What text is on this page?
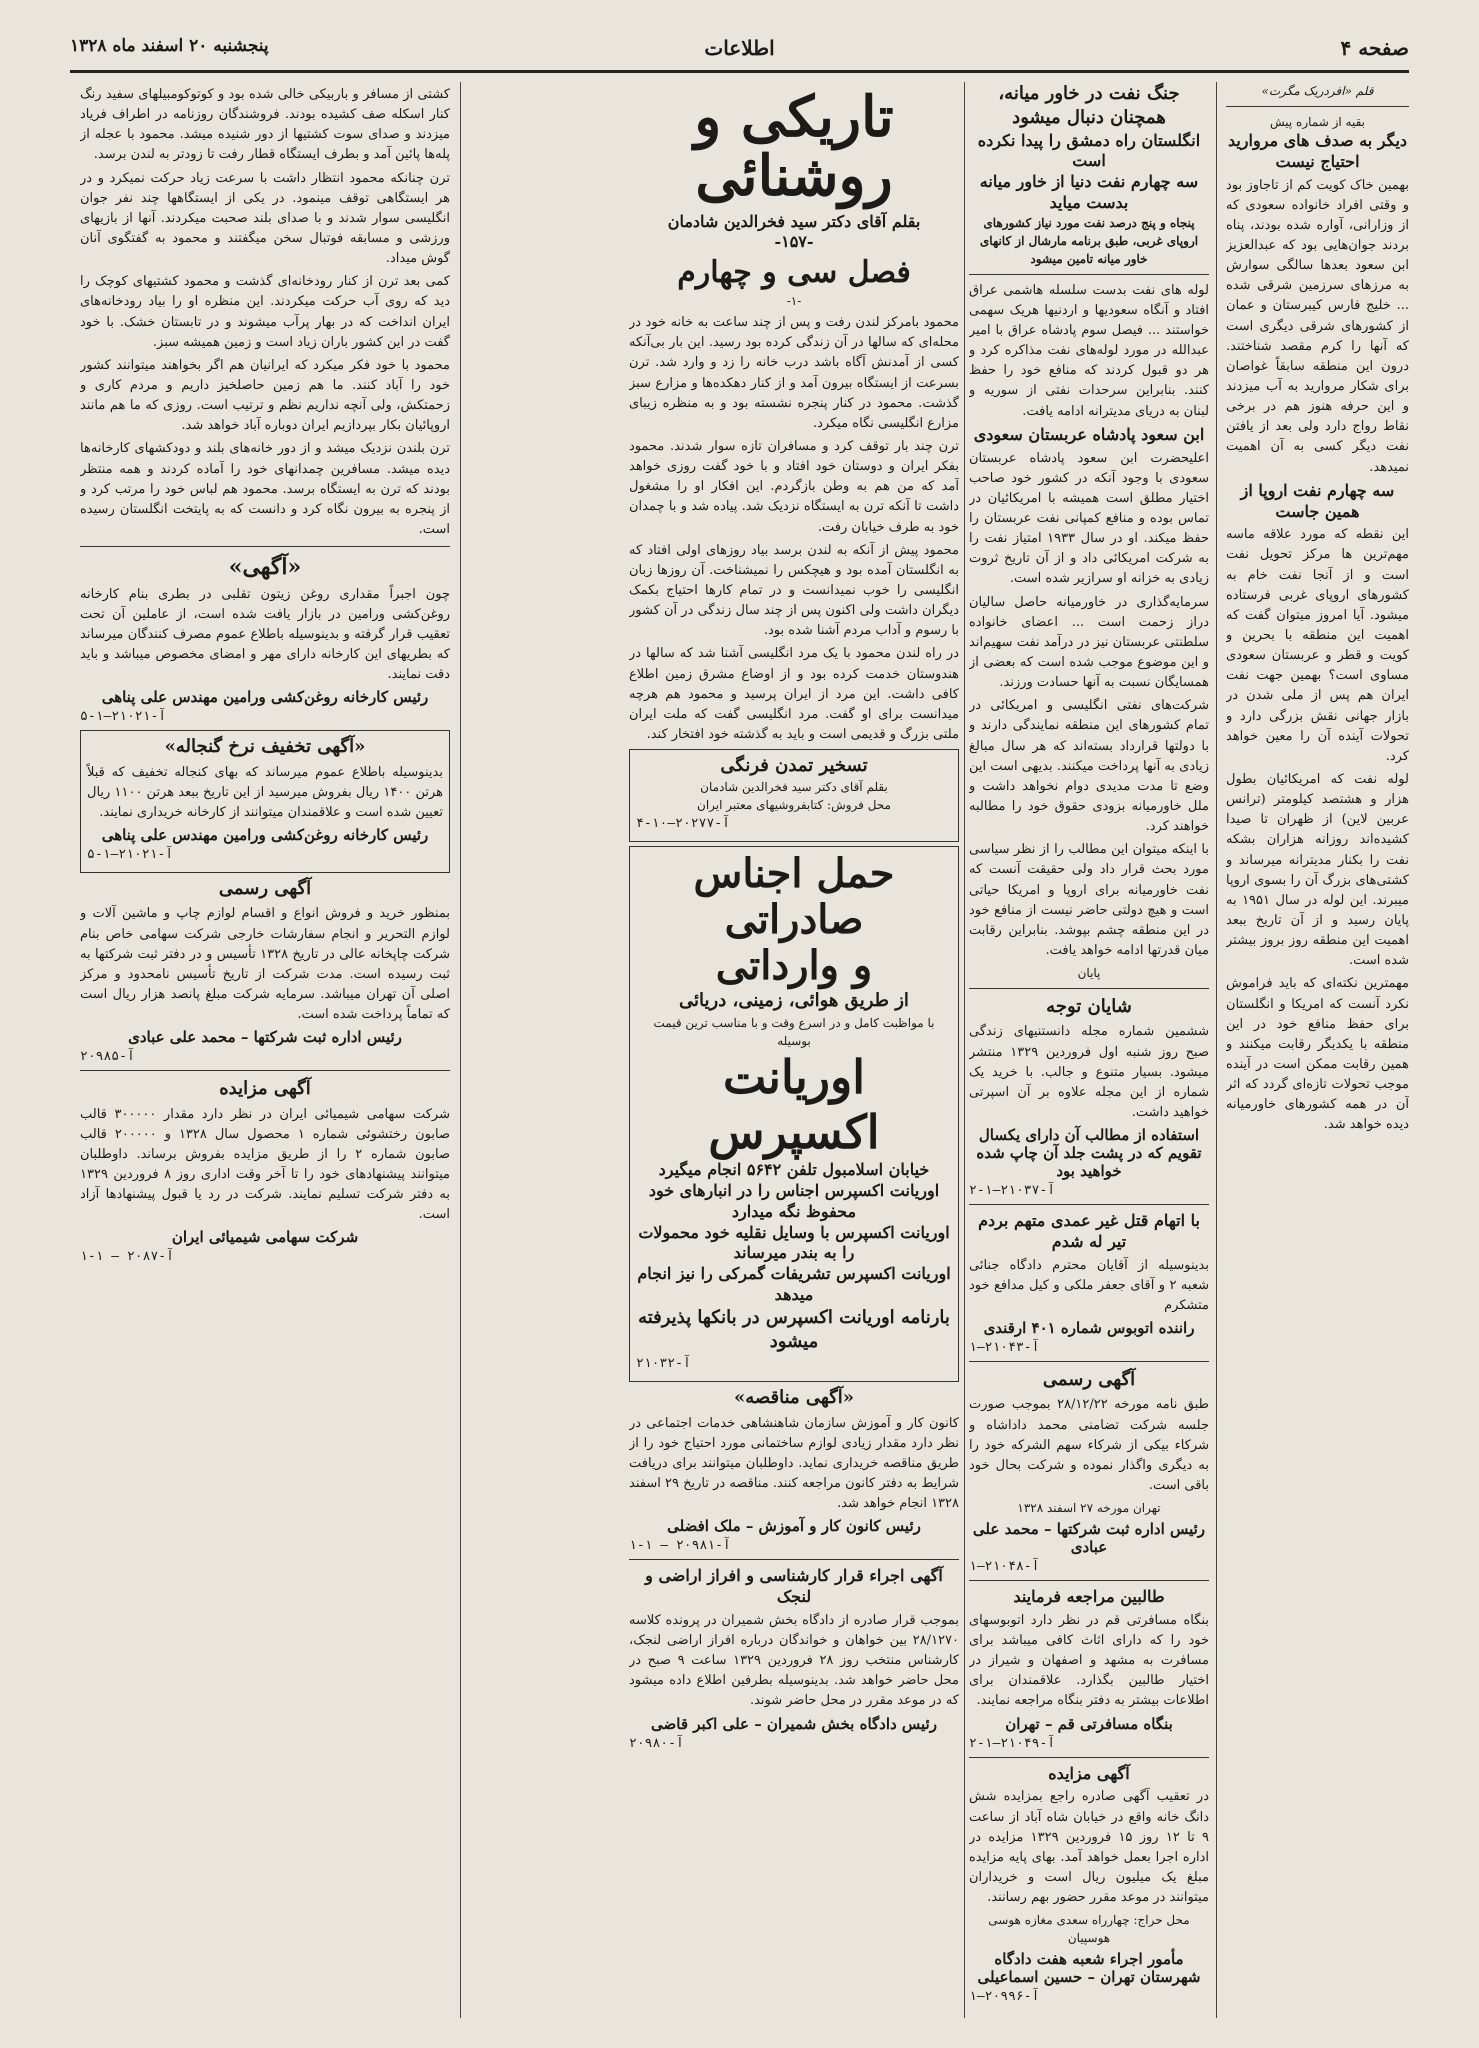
صفحه ۴
اطلاعات
پنجشنبه ۲۰ اسفند ماه ۱۳۲۸
قلم «افردریک مگرت»
بقیه از شماره پیش
دیگر به صدف های مروارید احتیاج نیست

بهمین خاک کویت کم از تاجاوز بود و وقتی افراد خانواده سعودی که از وزارانی، آواره شده بودند، پناه بردند جوان‌هایی بود که عبدالعزیز ابن سعود بعدها سالگی سوارش به مرزهای سرزمین شرقی شده ... خلیج فارس کیبرستان و عمان از کشورهای شرقی دیگری است که آنها را کرم مقصد شناختند. درون این منطقه سابقاً غواصان برای شکار مروارید به آب میزدند و این حرفه هنوز هم در برخی نقاط رواج دارد ولی بعد از یافتن نفت دیگر کسی به آن اهمیت نمیدهد.

سه چهارم نفت اروپا از همین جاست

این نقطه که مورد علاقه ماسه مهم‌ترین ها مرکز تحویل نفت است و از آنجا نفت خام به کشورهای اروپای غربی فرستاده میشود. آیا امروز میتوان گفت که اهمیت این منطقه با بحرین و کویت و قطر و عربستان سعودی مساوی است؟ بهمین جهت نفت ایران هم پس از ملی شدن در بازار جهانی نقش بزرگی دارد و تحولات آینده آن را معین خواهد کرد.

لوله نفت که امریکائیان بطول هزار و هشتصد کیلومتر (ترانس عربین لاین) از ظهران تا صیدا کشیده‌اند روزانه هزاران بشکه نفت را بکنار مدیترانه میرساند و کشتی‌های بزرگ آن را بسوی اروپا میبرند. این لوله در سال ۱۹۵۱ به پایان رسید و از آن تاریخ ببعد اهمیت این منطقه روز بروز بیشتر شده است.

مهمترین نکته‌ای که باید فراموش نکرد آنست که امریکا و انگلستان برای حفظ منافع خود در این منطقه با یکدیگر رقابت میکنند و همین رقابت ممکن است در آینده موجب تحولات تازه‌ای گردد که اثر آن در همه کشورهای خاورمیانه دیده خواهد شد.

جنگ نفت در خاور میانه، همچنان دنبال میشود
انگلستان راه دمشق را پیدا نکرده است
سه چهارم نفت دنیا از خاور میانه بدست میاید
پنجاه و پنج درصد نفت مورد نیاز کشورهای اروپای غربی، طبق برنامه مارشال از کانهای خاور میانه تامین میشود

لوله های نفت بدست سلسله هاشمی عراق افتاد و آنگاه سعودیها و اردنیها هریک سهمی خواستند ... فیصل سوم پادشاه عراق با امیر عبدالله در مورد لوله‌های نفت مذاکره کرد و هر دو قبول کردند که منافع خود را حفظ کنند. بنابراین سرحدات نفتی از سوریه و لبنان به دریای مدیترانه ادامه یافت.

ابن سعود پادشاه عربستان سعودی

اعلیحضرت ابن سعود پادشاه عربستان سعودی با وجود آنکه در کشور خود صاحب اختیار مطلق است همیشه با امریکائیان در تماس بوده و منافع کمپانی نفت عربستان را حفظ میکند. او در سال ۱۹۳۳ امتیاز نفت را به شرکت امریکائی داد و از آن تاریخ ثروت زیادی به خزانه او سرازیر شده است.

سرمایه‌گذاری در خاورمیانه حاصل سالیان دراز زحمت است ... اعضای خانواده سلطنتی عربستان نیز در درآمد نفت سهیم‌اند و این موضوع موجب شده است که بعضی از همسایگان نسبت به آنها حسادت ورزند.

شرکت‌های نفتی انگلیسی و امریکائی در تمام کشورهای این منطقه نمایندگی دارند و با دولتها قرارداد بسته‌اند که هر سال مبالغ زیادی به آنها پرداخت میکنند. بدیهی است این وضع تا مدت مدیدی دوام نخواهد داشت و ملل خاورمیانه بزودی حقوق خود را مطالبه خواهند کرد.

با اینکه میتوان این مطالب را از نظر سیاسی مورد بحث قرار داد ولی حقیقت آنست که نفت خاورمیانه برای اروپا و امریکا حیاتی است و هیچ دولتی حاضر نیست از منافع خود در این منطقه چشم بپوشد. بنابراین رقابت میان قدرتها ادامه خواهد یافت.

پایان
شایان توجه

ششمین شماره مجله دانستنیهای زندگی صبح روز شنبه اول فروردین ۱۳۲۹ منتشر میشود. بسیار متنوع و جالب. با خرید یک شماره از این مجله علاوه بر آن اسپرتی خواهید داشت.

استفاده از مطالب آن دارای یکسال تقویم که در پشت جلد آن چاپ شده خواهید بود
آ-۲۱۰۳۷—۱-۲
با اتهام قتل غیر عمدی متهم بردم تیر له شدم

بدینوسیله از آقایان محترم دادگاه جنائی شعبه ۲ و آقای جعفر ملکی و کیل مدافع خود متشکرم

راننده اتوبوس شماره ۴۰۱ ارقندی
آ-۲۱۰۴۳—۱
آگهی رسمی

طبق نامه مورخه ۲۸/۱۲/۲۲ بموجب صورت جلسه شرکت تضامنی محمد داداشاه و شرکاء بیکی از شرکاء سهم الشرکه خود را به دیگری واگذار نموده و شرکت بحال خود باقی است.

تهران مورخه ۲۷ اسفند ۱۳۲۸
رئیس اداره ثبت شرکتها – محمد علی عبادی
آ-۲۱۰۴۸—۱
طالبین مراجعه فرمایند

بنگاه مسافرتی قم در نظر دارد اتوبوسهای خود را که دارای اثاث کافی میباشد برای مسافرت به مشهد و اصفهان و شیراز در اختیار طالبین بگذارد. علاقمندان برای اطلاعات بیشتر به دفتر بنگاه مراجعه نمایند.

بنگاه مسافرتی قم – تهران
آ-۲۱۰۴۹—۱-۲
آگهی مزایده

در تعقیب آگهی صادره راجع بمزایده شش دانگ خانه واقع در خیابان شاه آباد از ساعت ۹ تا ۱۲ روز ۱۵ فروردین ۱۳۲۹ مزایده در اداره اجرا بعمل خواهد آمد. بهای پایه مزایده مبلغ یک میلیون ریال است و خریداران میتوانند در موعد مقرر حضور بهم رسانند.

محل حراج: چهارراه سعدی مغازه هوسی هوسپیان
مأمور اجراء شعبه هفت دادگاه شهرستان تهران – حسین اسماعیلی
آ-۲۰۹۹۶—۱
تاریکی و روشنائی
بقلم آقای دکتر سید فخرالدین شادمان
-۱۵۷-
فصل سی و چهارم
-۱-

محمود بامرکز لندن رفت و پس از چند ساعت به خانه خود در محله‌ای که سالها در آن زندگی کرده بود رسید. این بار بی‌آنکه کسی از آمدنش آگاه باشد درب خانه را زد و وارد شد. ترن بسرعت از ایستگاه بیرون آمد و از کنار دهکده‌ها و مزارع سبز گذشت. محمود در کنار پنجره نشسته بود و به منظره زیبای مزارع انگلیسی نگاه میکرد.

ترن چند بار توقف کرد و مسافران تازه سوار شدند. محمود بفکر ایران و دوستان خود افتاد و با خود گفت روزی خواهد آمد که من هم به وطن بازگردم. این افکار او را مشغول داشت تا آنکه ترن به ایستگاه نزدیک شد. پیاده شد و با چمدان خود به طرف خیابان رفت.

محمود پیش از آنکه به لندن برسد بیاد روزهای اولی افتاد که به انگلستان آمده بود و هیچکس را نمیشناخت. آن روزها زبان انگلیسی را خوب نمیدانست و در تمام کارها احتیاج بکمک دیگران داشت ولی اکنون پس از چند سال زندگی در آن کشور با رسوم و آداب مردم آشنا شده بود.

در راه لندن محمود با یک مرد انگلیسی آشنا شد که سالها در هندوستان خدمت کرده بود و از اوضاع مشرق زمین اطلاع کافی داشت. این مرد از ایران پرسید و محمود هم هرچه میدانست برای او گفت. مرد انگلیسی گفت که ملت ایران ملتی بزرگ و قدیمی است و باید به گذشته خود افتخار کند.

تسخیر تمدن فرنگی
بقلم آقای دکتر سید فخرالدین شادمان
محل فروش: کتابفروشیهای معتبر ایران
آ-۲۰۲۷۷—۱۰-۴
حمل اجناس صادراتی
و وارداتی
از طریق هوائی، زمینی، دریائی
با مواظبت کامل و در اسرع وقت و با مناسب ترین قیمت بوسیله
اوریانت اکسپرس
خیابان اسلامبول تلفن ۵۶۴۲ انجام میگیرد
اوریانت اکسپرس اجناس را در انبارهای خود محفوظ نگه میدارد
اوریانت اکسپرس با وسایل نقلیه خود محمولات را به بندر میرساند
اوریانت اکسپرس تشریفات گمرکی را نیز انجام میدهد
بارنامه اوریانت اکسپرس در بانکها پذیرفته میشود
آ-۲۱۰۳۲
«آگهی مناقصه»

کانون کار و آموزش سازمان شاهنشاهی خدمات اجتماعی در نظر دارد مقدار زیادی لوازم ساختمانی مورد احتیاج خود را از طریق مناقصه خریداری نماید. داوطلبان میتوانند برای دریافت شرایط به دفتر کانون مراجعه کنند. مناقصه در تاریخ ۲۹ اسفند ۱۳۲۸ انجام خواهد شد.

رئیس کانون کار و آموزش – ملک افضلی
آ-۲۰۹۸۱ — ۱-۱
آگهی اجراء قرار کارشناسی و افراز اراضی و لنجک

بموجب قرار صادره از دادگاه بخش شمیران در پرونده کلاسه ۲۸/۱۲۷۰ بین خواهان و خواندگان درباره افراز اراضی لنجک، کارشناس منتخب روز ۲۸ فروردین ۱۳۲۹ ساعت ۹ صبح در محل حاضر خواهد شد. بدینوسیله بطرفین اطلاع داده میشود که در موعد مقرر در محل حاضر شوند.

رئیس دادگاه بخش شمیران – علی اکبر قاضی
آ-۲۰۹۸۰

کشتی از مسافر و باربیکی خالی شده بود و کوتوکومبیلهای سفید رنگ کنار اسکله صف کشیده بودند. فروشندگان روزنامه در اطراف فریاد میزدند و صدای سوت کشتیها از دور شنیده میشد. محمود با عجله از پله‌ها پائین آمد و بطرف ایستگاه قطار رفت تا زودتر به لندن برسد.

ترن چنانکه محمود انتظار داشت با سرعت زیاد حرکت نمیکرد و در هر ایستگاهی توقف مینمود. در یکی از ایستگاهها چند نفر جوان انگلیسی سوار شدند و با صدای بلند صحبت میکردند. آنها از بازیهای ورزشی و مسابقه فوتبال سخن میگفتند و محمود به گفتگوی آنان گوش میداد.

کمی بعد ترن از کنار رودخانه‌ای گذشت و محمود کشتیهای کوچک را دید که روی آب حرکت میکردند. این منظره او را بیاد رودخانه‌های ایران انداخت که در بهار پرآب میشوند و در تابستان خشک. با خود گفت در این کشور باران زیاد است و زمین همیشه سبز.

محمود با خود فکر میکرد که ایرانیان هم اگر بخواهند میتوانند کشور خود را آباد کنند. ما هم زمین حاصلخیز داریم و مردم کاری و زحمتکش، ولی آنچه نداریم نظم و ترتیب است. روزی که ما هم مانند اروپائیان بکار بپردازیم ایران دوباره آباد خواهد شد.

ترن بلندن نزدیک میشد و از دور خانه‌های بلند و دودکشهای کارخانه‌ها دیده میشد. مسافرین چمدانهای خود را آماده کردند و همه منتظر بودند که ترن به ایستگاه برسد. محمود هم لباس خود را مرتب کرد و از پنجره به بیرون نگاه کرد و دانست که به پایتخت انگلستان رسیده است.

«آگهی»

چون اجبراً مقداری روغن زیتون تقلبی در بطری بنام کارخانه روغن‌کشی ورامین در بازار یافت شده است، از عاملین آن تحت تعقیب قرار گرفته و بدینوسیله باطلاع عموم مصرف کنندگان میرساند که بطریهای این کارخانه دارای مهر و امضای مخصوص میباشد و باید دقت نمایند.

رئیس کارخانه روغن‌کشی ورامین مهندس علی پناهی
آ-۲۱۰۲۱—۱-۵
«آگهی تخفیف نرخ گنجاله»

بدینوسیله باطلاع عموم میرساند که بهای کنجاله تخفیف که قبلاً هرتن ۱۴۰۰ ریال بفروش میرسید از این تاریخ ببعد هرتن ۱۱۰۰ ریال تعیین شده است و علاقمندان میتوانند از کارخانه خریداری نمایند.

رئیس کارخانه روغن‌کشی ورامین مهندس علی پناهی
آ-۲۱۰۲۱—۱-۵
آگهی رسمی

بمنظور خرید و فروش انواع و اقسام لوازم چاپ و ماشین آلات و لوازم التحریر و انجام سفارشات خارجی شرکت سهامی خاص بنام شرکت چاپخانه عالی در تاریخ ۱۳۲۸ تأسیس و در دفتر ثبت شرکتها به ثبت رسیده است. مدت شرکت از تاریخ تأسیس نامحدود و مرکز اصلی آن تهران میباشد. سرمایه شرکت مبلغ پانصد هزار ریال است که تماماً پرداخت شده است.

رئیس اداره ثبت شرکتها – محمد علی عبادی
آ-۲۰۹۸۵
آگهی مزایده

شرکت سهامی شیمیائی ایران در نظر دارد مقدار ۳۰۰۰۰۰ قالب صابون رختشوئی شماره ۱ محصول سال ۱۳۲۸ و ۲۰۰۰۰۰ قالب صابون شماره ۲ را از طریق مزایده بفروش برساند. داوطلبان میتوانند پیشنهادهای خود را تا آخر وقت اداری روز ۸ فروردین ۱۳۲۹ به دفتر شرکت تسلیم نمایند. شرکت در رد یا قبول پیشنهادها آزاد است.

شرکت سهامی شیمیائی ایران
آ-۲۰۸۷ — ۱-۱
